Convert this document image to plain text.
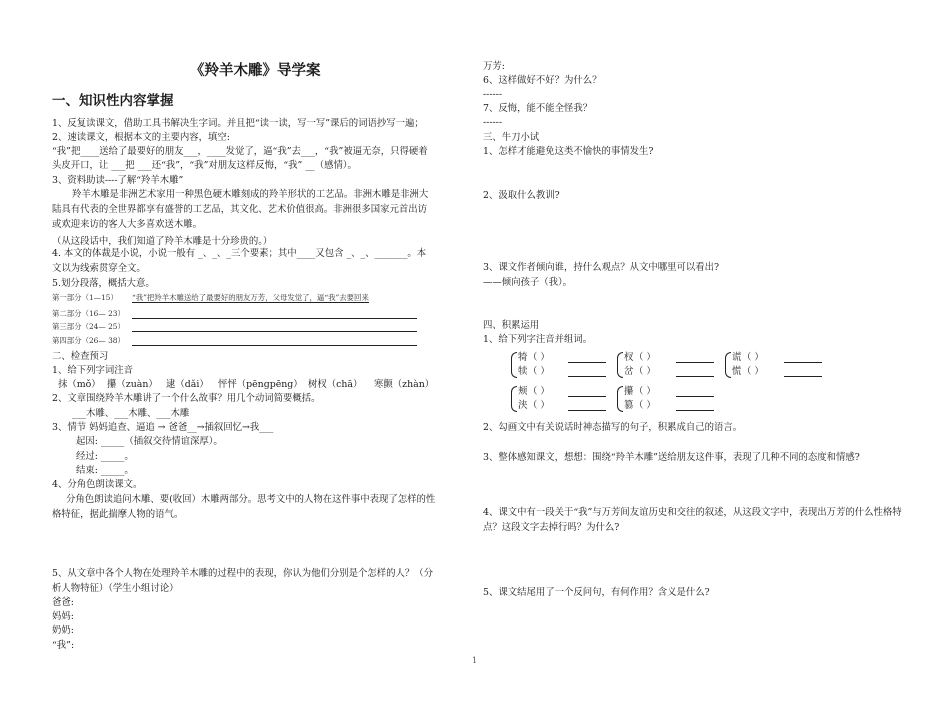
《羚羊木雕》导学案
一、知识性内容掌握
1、反复读课文，借助工具书解决生字词。并且把“读一读，写一写”课后的词语抄写一遍；
2、速读课文，根据本文的主要内容，填空:
“我”把____送给了最要好的朋友___，____发觉了，逼“我”去___，“我”被逼无奈，只得硬着
头皮开口，让 ___把 ___还“我”，“我”对朋友这样反悔，“我” __（感情）。
3、资料助读----了解“羚羊木雕”
羚羊木雕是非洲艺术家用一种黑色硬木雕刻成的羚羊形状的工艺品。非洲木雕是非洲大陆具有代表的全世界都享有盛誉的工艺品，其文化、艺术价值很高。非洲很多国家元首出访或欢迎来访的客人大多喜欢送木雕。
（从这段话中，我们知道了羚羊木雕是十分珍贵的。）
4. 本文的体裁是小说，小说一般有 _、_、_三个要素；其中____又包含 _、_、_______。本文以为线索贯穿全文。
5.划分段落，概括大意。
第一部分（1—15） “我”把羚羊木雕送给了最要好的朋友万芳，父母发觉了，逼“我”去要回来
第二部分（16— 23）
第三部分（24— 25）
第四部分（26— 38）
二、检查预习
1、给下列字词注音
抹（mǒ） 攥（zuàn） 逮（dǎi） 怦怦（pēngpēng） 树杈（chā） 寒颤（zhàn）
2、文章围绕羚羊木雕讲了一个什么故事？用几个动词简要概括。
___木雕、___木雕、___木雕
3、情节 妈妈追查、逼追 → 爸爸__→插叙回忆→我___
起因: _____（插叙交待情谊深厚）。
经过: _____。
结束: _____。
4、分角色朗读课文。
分角色朗读追问木雕、要(收回）木雕两部分。思考文中的人物在这件事中表现了怎样的性格特征，据此揣摩人物的语气。
5、从文章中各个人物在处理羚羊木雕的过程中的表现，你认为他们分别是个怎样的人？（分析人物特征）（学生小组讨论）
爸爸:
妈妈:
奶奶:
“我”:
万芳:
6、这样做好不好？为什么？
------
7、反悔，能不能全怪我？
------
三、牛刀小试
1、怎样才能避免这类不愉快的事情发生?
2、汲取什么教训?
3、课文作者倾向谁，持什么观点？从文中哪里可以看出?
——倾向孩子（我）。
四、积累运用
1、给下列字注音并组词。
犄 （ ）
犊 （ ）
杈 （ ）
岔 （ ）
谎 （ ）
慌 （ ）
颊 （ ）
浃 （ ）
攥 （ ）
篡 （ ）
2、勾画文中有关说话时神态描写的句子，积累成自己的语言。
3、整体感知课文，想想：围绕“羚羊木雕”送给朋友这件事，表现了几种不同的态度和情感?
4、课文中有一段关于“我”与万芳间友谊历史和交往的叙述，从这段文字中，表现出万芳的什么性格特点？这段文字去掉行吗？为什么?
5、课文结尾用了一个反问句，有何作用？含义是什么?
1
